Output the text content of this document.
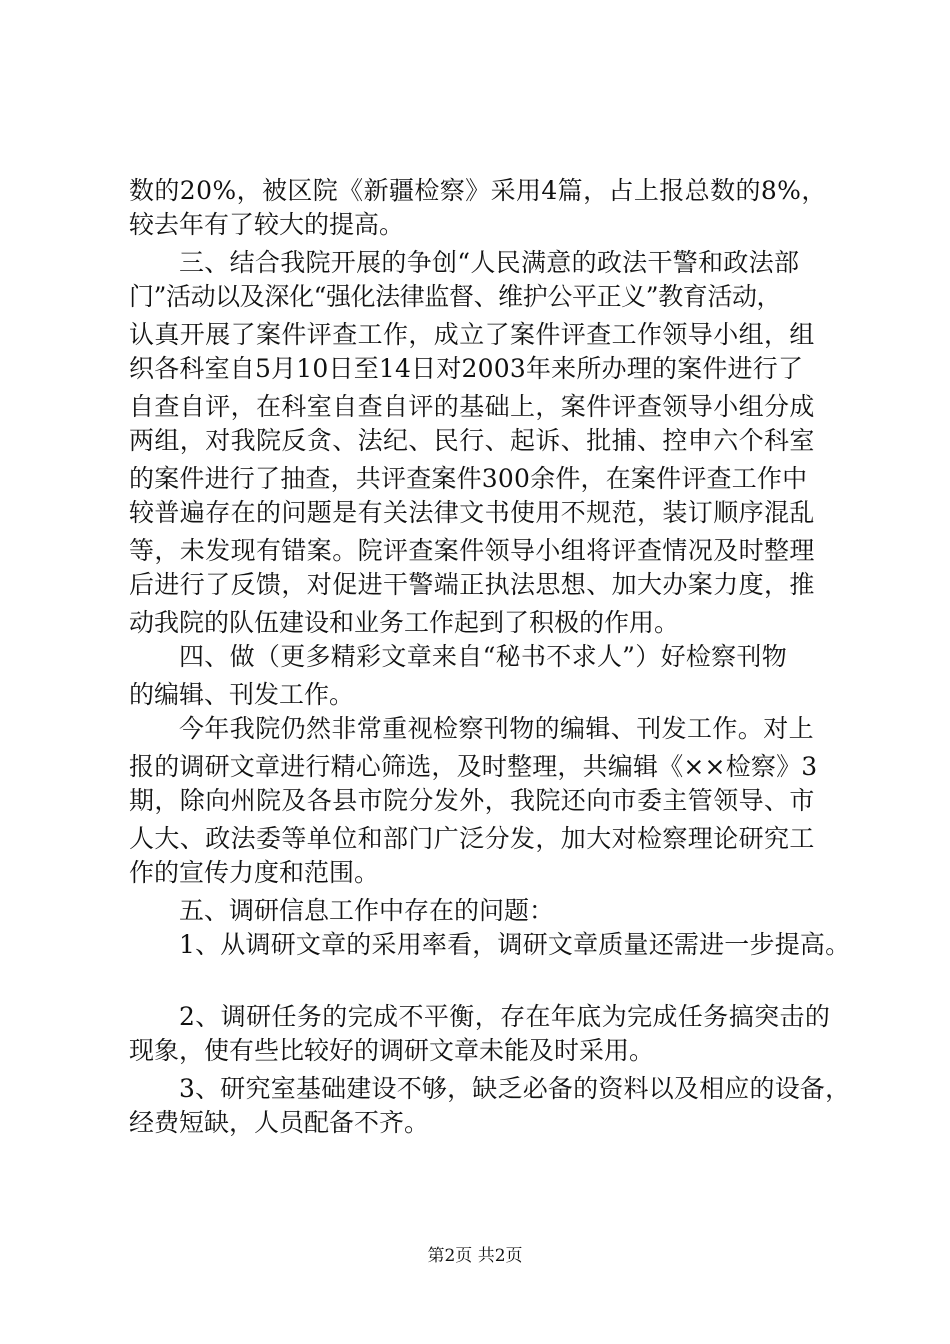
数的20%，被区院《新疆检察》采用4篇，占上报总数的8%，
较去年有了较大的提高。
三、结合我院开展的争创“人民满意的政法干警和政法部
门”活动以及深化“强化法律监督、维护公平正义”教育活动，
认真开展了案件评查工作，成立了案件评查工作领导小组，组
织各科室自5月10日至14日对2003年来所办理的案件进行了
自查自评，在科室自查自评的基础上，案件评查领导小组分成
两组，对我院反贪、法纪、民行、起诉、批捕、控申六个科室
的案件进行了抽查，共评查案件300余件，在案件评查工作中
较普遍存在的问题是有关法律文书使用不规范，装订顺序混乱
等，未发现有错案。院评查案件领导小组将评查情况及时整理
后进行了反馈，对促进干警端正执法思想、加大办案力度，推
动我院的队伍建设和业务工作起到了积极的作用。
四、做（更多精彩文章来自“秘书不求人”）好检察刊物
的编辑、刊发工作。
今年我院仍然非常重视检察刊物的编辑、刊发工作。对上
报的调研文章进行精心筛选，及时整理，共编辑《××检察》3
期，除向州院及各县市院分发外，我院还向市委主管领导、市
人大、政法委等单位和部门广泛分发，加大对检察理论研究工
作的宣传力度和范围。
五、调研信息工作中存在的问题：
1、从调研文章的采用率看，调研文章质量还需进一步提高。
2、调研任务的完成不平衡，存在年底为完成任务搞突击的
现象，使有些比较好的调研文章未能及时采用。
3、研究室基础建设不够，缺乏必备的资料以及相应的设备，
经费短缺，人员配备不齐。
第2页 共2页
